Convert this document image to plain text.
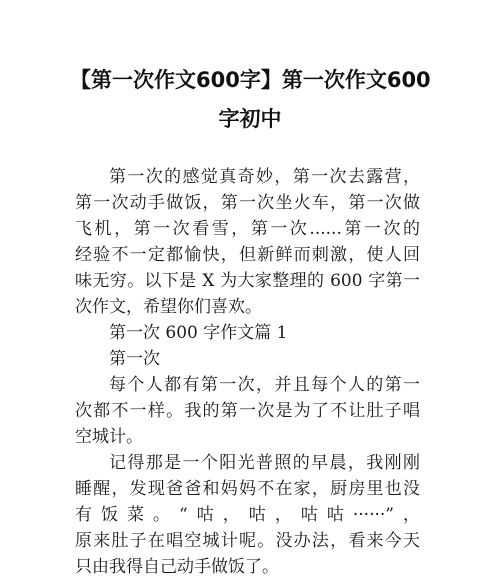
【第一次作文600字】第一次作文600
字初中
第一次的感觉真奇妙，第一次去露营，
第一次动手做饭，第一次坐火车，第一次做
飞机，第一次看雪，第一次......第一次的
经验不一定都愉快，但新鲜而刺激，使人回
味无穷。以下是 X 为大家整理的 600 字第一
次作文，希望你们喜欢。
第一次 600 字作文篇 1
第一次
每个人都有第一次，并且每个人的第一
次都不一样。我的第一次是为了不让肚子唱
空城计。
记得那是一个阳光普照的早晨，我刚刚
睡醒，发现爸爸和妈妈不在家，厨房里也没
有饭菜。“咕，咕，咕咕······”，
原来肚子在唱空城计呢。没办法，看来今天
只由我得自己动手做饭了。
